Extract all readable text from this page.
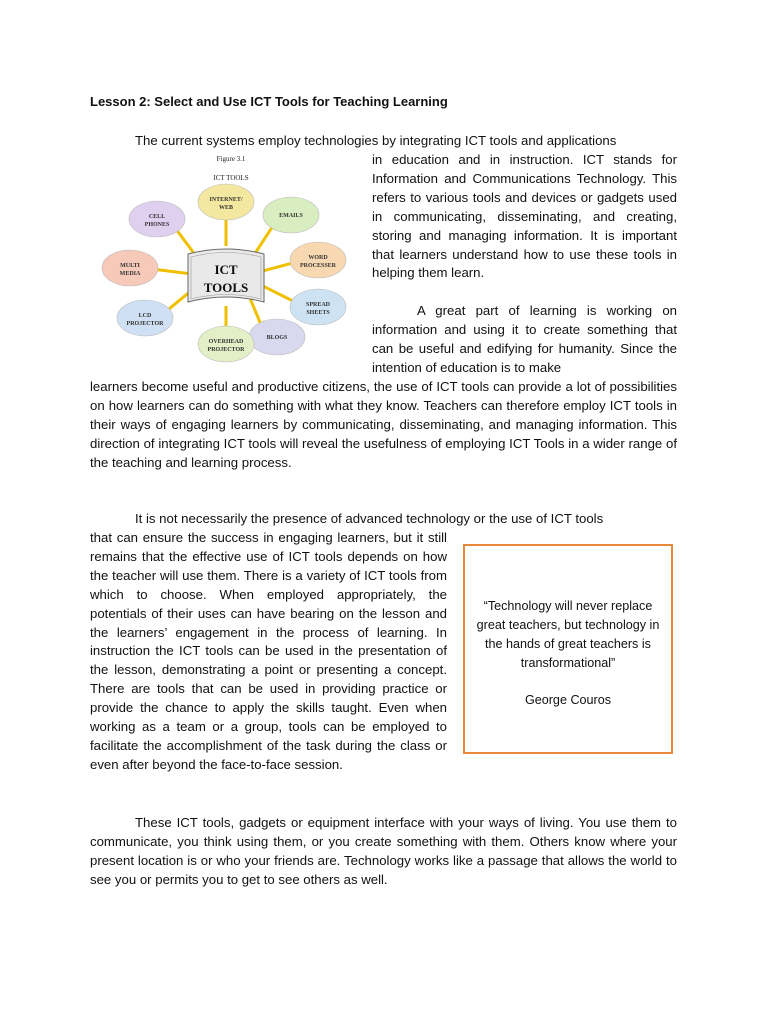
Lesson 2: Select and Use ICT Tools for Teaching Learning

The current systems employ technologies by integrating ICT tools and applications

Figure 3.1
ICT TOOLS
INTERNET/
WEB
EMAILS
WORD
PROCESSER
SPREAD
SHEETS
BLOGS
OVERHEAD
PROJECTOR
LCD
PROJECTOR
MULTI
MEDIA
CELL
PHONES
ICT
TOOLS

in education and in instruction. ICT stands for Information and Communications Technology. This refers to various tools and devices or gadgets used in communicating, disseminating, and creating, storing and managing information. It is important that learners understand how to use these tools in helping them learn.

A great part of learning is working on information and using it to create something that can be useful and edifying for humanity. Since the intention of education is to make

learners become useful and productive citizens, the use of ICT tools can provide a lot of possibilities on how learners can do something with what they know. Teachers can therefore employ ICT tools in their ways of engaging learners by communicating, disseminating, and managing information. This direction of integrating ICT tools will reveal the usefulness of employing ICT Tools in a wider range of the teaching and learning process.

It is not necessarily the presence of advanced technology or the use of ICT tools

that can ensure the success in engaging learners, but it still remains that the effective use of ICT tools depends on how the teacher will use them. There is a variety of ICT tools from which to choose. When employed appropriately, the potentials of their uses can have bearing on the lesson and the learners’ engagement in the process of learning. In instruction the ICT tools can be used in the presentation of the lesson, demonstrating a point or presenting a concept. There are tools that can be used in providing practice or provide the chance to apply the skills taught. Even when working as a team or a group, tools can be employed to facilitate the accomplishment of the task during the class or even after beyond the face-to-face session.

“Technology will never replace great teachers, but technology in the hands of great teachers is transformational”
George Couros

These ICT tools, gadgets or equipment interface with your ways of living. You use them to communicate, you think using them, or you create something with them. Others know where your present location is or who your friends are. Technology works like a passage that allows the world to see you or permits you to get to see others as well.
